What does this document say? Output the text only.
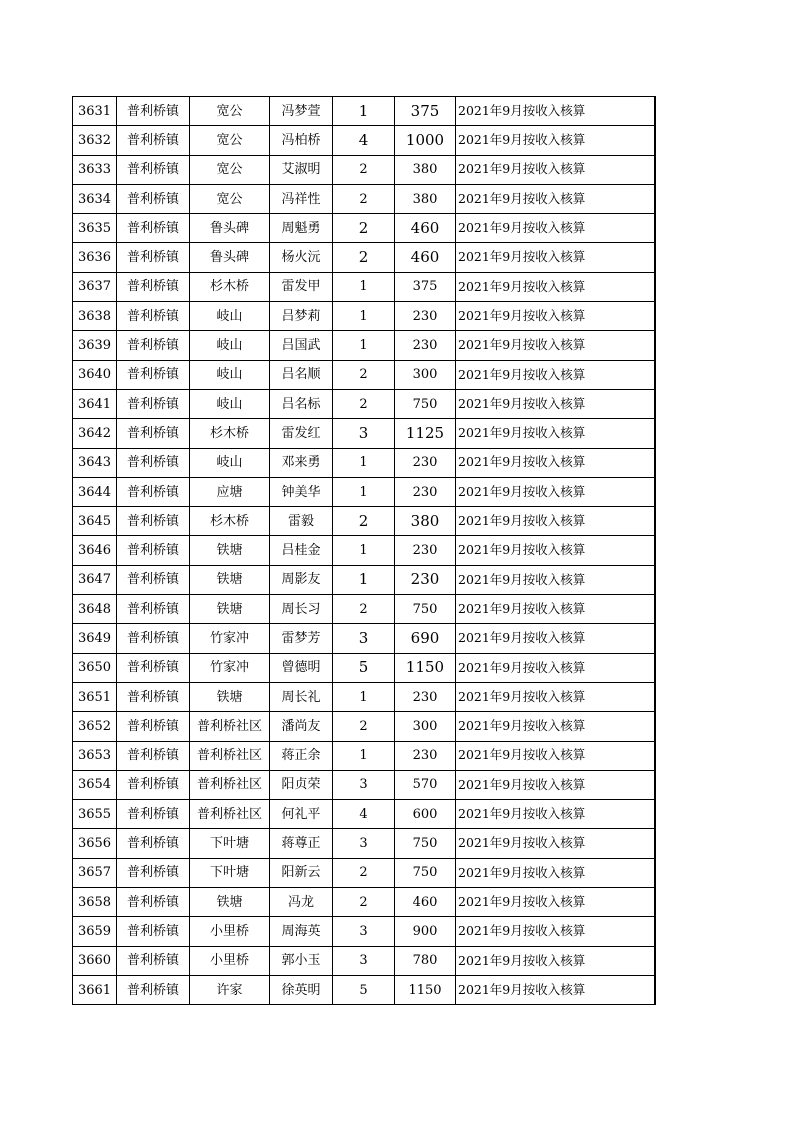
3631	普利桥镇	宽公	冯梦萱	1	375	2021年9月按收入核算
3632	普利桥镇	宽公	冯柏桥	4	1000	2021年9月按收入核算
3633	普利桥镇	宽公	艾淑明	2	380	2021年9月按收入核算
3634	普利桥镇	宽公	冯祥性	2	380	2021年9月按收入核算
3635	普利桥镇	鲁头碑	周魁勇	2	460	2021年9月按收入核算
3636	普利桥镇	鲁头碑	杨火沅	2	460	2021年9月按收入核算
3637	普利桥镇	杉木桥	雷发甲	1	375	2021年9月按收入核算
3638	普利桥镇	岐山	吕梦莉	1	230	2021年9月按收入核算
3639	普利桥镇	岐山	吕国武	1	230	2021年9月按收入核算
3640	普利桥镇	岐山	吕名顺	2	300	2021年9月按收入核算
3641	普利桥镇	岐山	吕名标	2	750	2021年9月按收入核算
3642	普利桥镇	杉木桥	雷发红	3	1125	2021年9月按收入核算
3643	普利桥镇	岐山	邓来勇	1	230	2021年9月按收入核算
3644	普利桥镇	应塘	钟美华	1	230	2021年9月按收入核算
3645	普利桥镇	杉木桥	雷毅	2	380	2021年9月按收入核算
3646	普利桥镇	铁塘	吕桂金	1	230	2021年9月按收入核算
3647	普利桥镇	铁塘	周影友	1	230	2021年9月按收入核算
3648	普利桥镇	铁塘	周长习	2	750	2021年9月按收入核算
3649	普利桥镇	竹家冲	雷梦芳	3	690	2021年9月按收入核算
3650	普利桥镇	竹家冲	曾德明	5	1150	2021年9月按收入核算
3651	普利桥镇	铁塘	周长礼	1	230	2021年9月按收入核算
3652	普利桥镇	普利桥社区	潘尚友	2	300	2021年9月按收入核算
3653	普利桥镇	普利桥社区	蒋正余	1	230	2021年9月按收入核算
3654	普利桥镇	普利桥社区	阳贞荣	3	570	2021年9月按收入核算
3655	普利桥镇	普利桥社区	何礼平	4	600	2021年9月按收入核算
3656	普利桥镇	下叶塘	蒋尊正	3	750	2021年9月按收入核算
3657	普利桥镇	下叶塘	阳新云	2	750	2021年9月按收入核算
3658	普利桥镇	铁塘	冯龙	2	460	2021年9月按收入核算
3659	普利桥镇	小里桥	周海英	3	900	2021年9月按收入核算
3660	普利桥镇	小里桥	郭小玉	3	780	2021年9月按收入核算
3661	普利桥镇	许家	徐英明	5	1150	2021年9月按收入核算
